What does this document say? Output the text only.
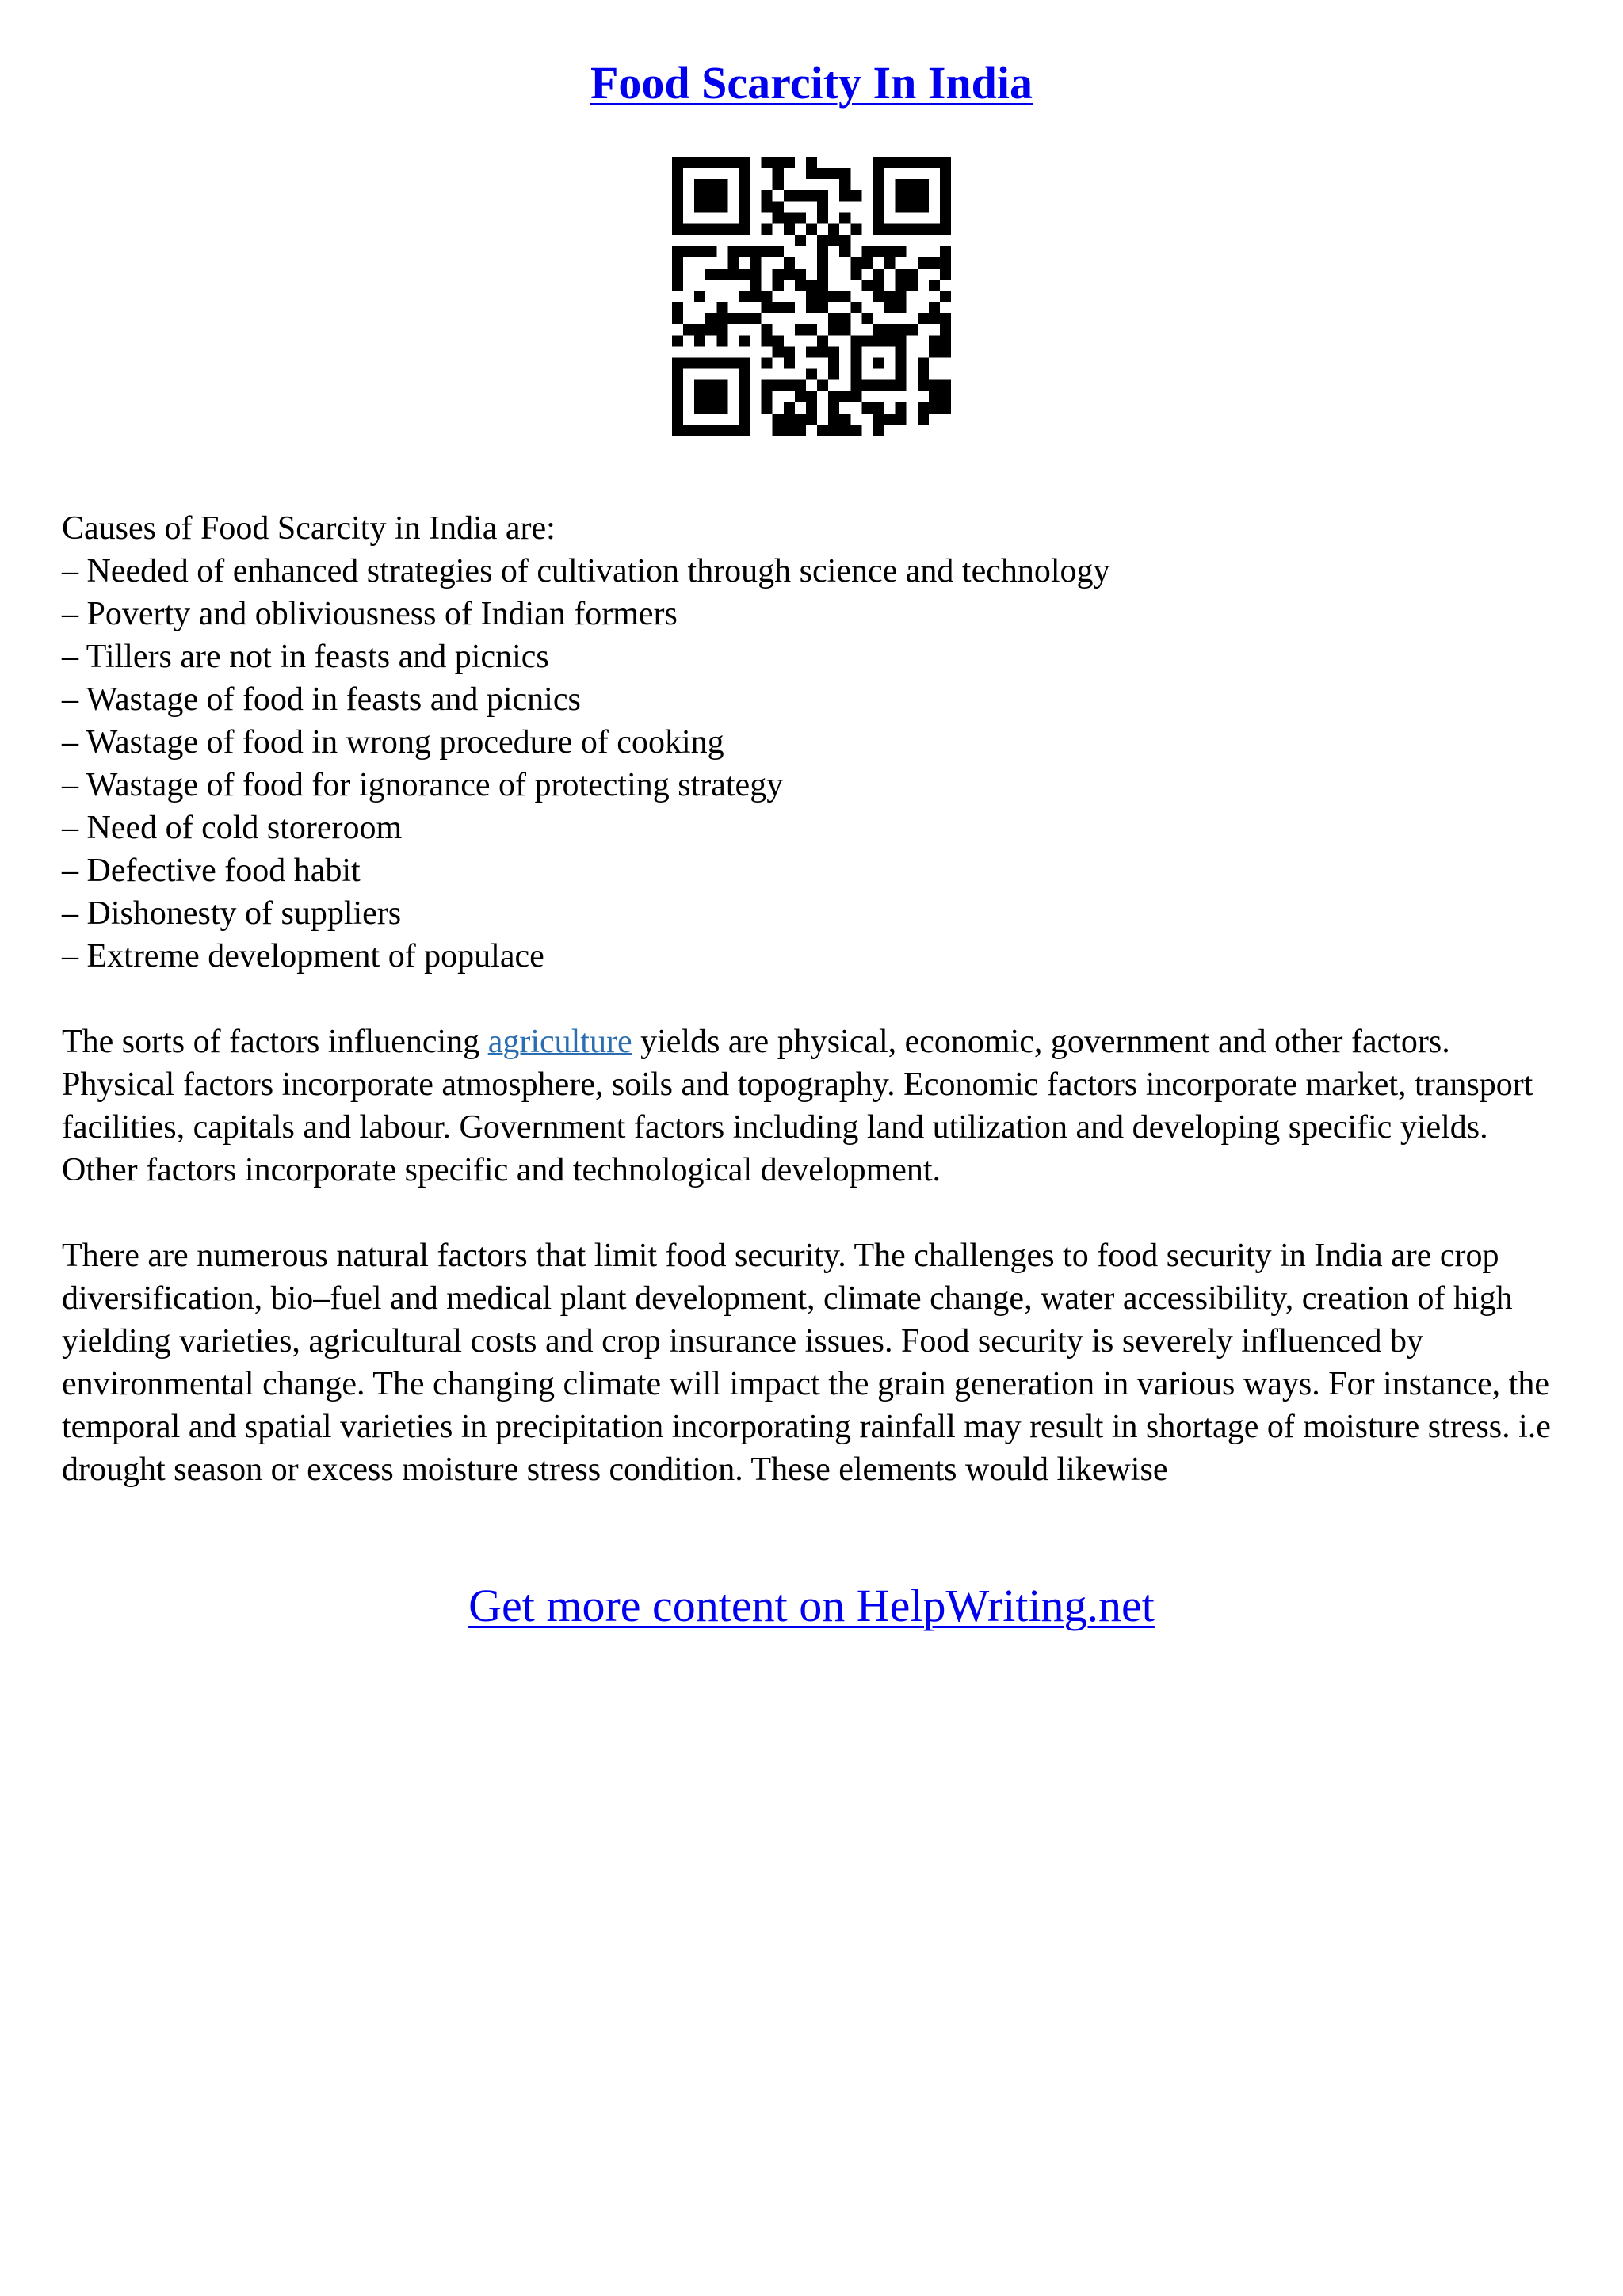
Food Scarcity In India

Causes of Food Scarcity in India are:

– Needed of enhanced strategies of cultivation through science and technology

– Poverty and obliviousness of Indian formers

– Tillers are not in feasts and picnics

– Wastage of food in feasts and picnics

– Wastage of food in wrong procedure of cooking

– Wastage of food for ignorance of protecting strategy

– Need of cold storeroom

– Defective food habit

– Dishonesty of suppliers

– Extreme development of populace

The sorts of factors influencing agriculture yields are physical, economic, government and other factors. Physical factors incorporate atmosphere, soils and topography. Economic factors incorporate market, transport facilities, capitals and labour. Government factors including land utilization and developing specific yields. Other factors incorporate specific and technological development.

There are numerous natural factors that limit food security. The challenges to food security in India are crop diversification, bio–fuel and medical plant development, climate change, water accessibility, creation of high yielding varieties, agricultural costs and crop insurance issues. Food security is severely influenced by environmental change. The changing climate will impact the grain generation in various ways. For instance, the temporal and spatial varieties in precipitation incorporating rainfall may result in shortage of moisture stress. i.e drought season or excess moisture stress condition. These elements would likewise

Get more content on HelpWriting.net
